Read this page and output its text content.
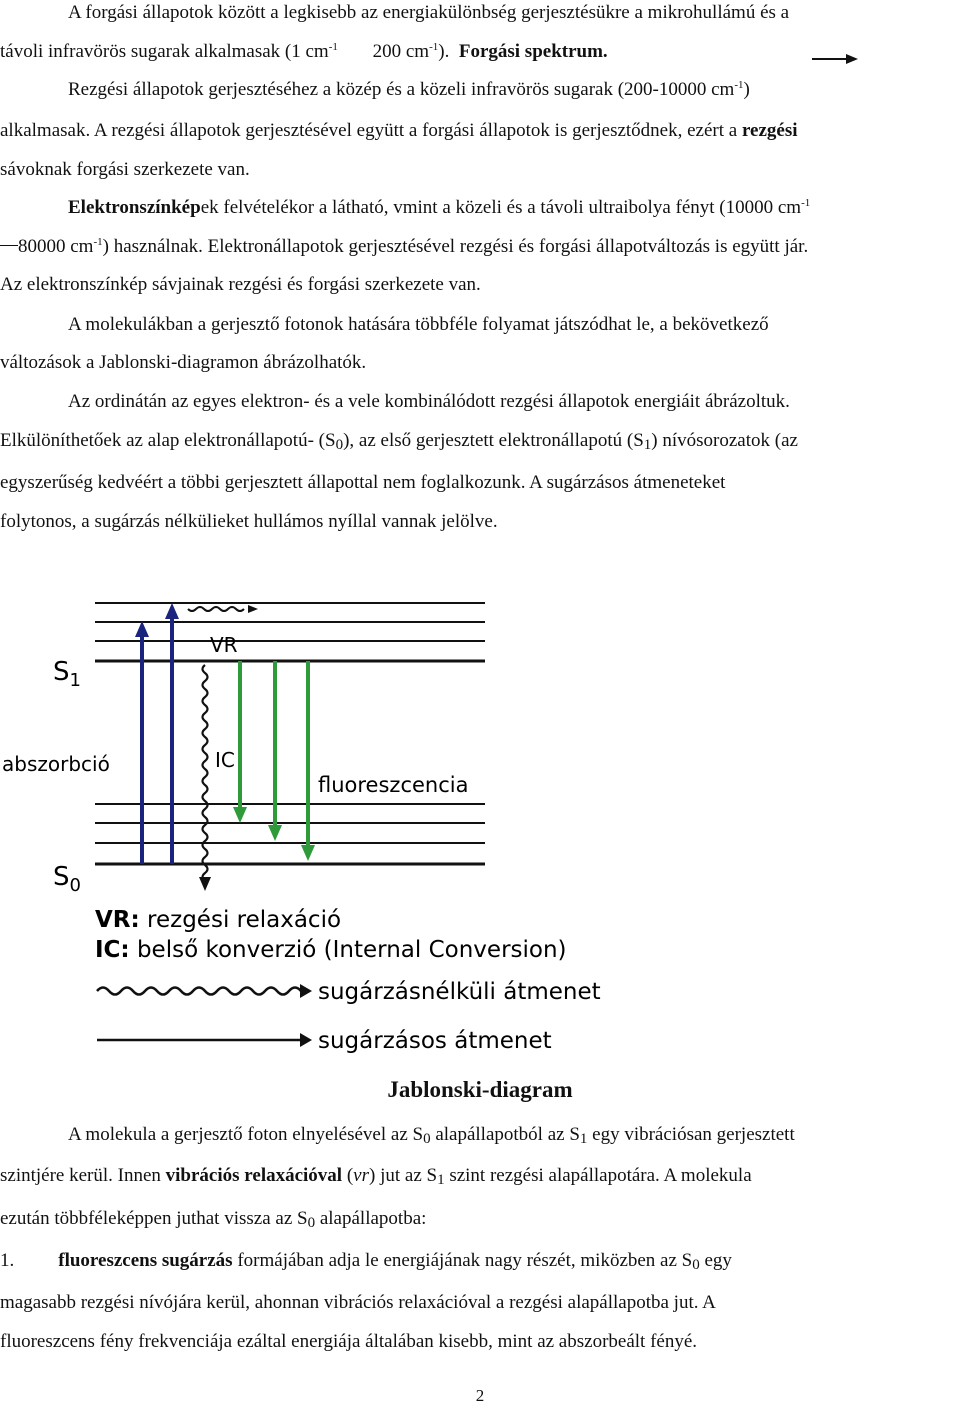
A forgási állapotok között a legkisebb az energiakülönbség gerjesztésükre a mikrohullámú és a
távoli infravörös sugarak alkalmasak (1 $cm^{-1}$ 200 $cm^{-1}$). Forgási spektrum.
Rezgési állapotok gerjesztéséhez a közép és a közeli infravörös sugarak (200-10000 $cm^{-1}$)
alkalmasak. A rezgési állapotok gerjesztésével együtt a forgási állapotok is gerjesztődnek, ezért a rezgési
sávoknak forgási szerkezete van.
Elektronszínképek felvételékor a látható, vmint a közeli és a távoli ultraibolya fényt (10000 $cm^{-1}$
80000 $cm^{-1}$) használnak. Elektronállapotok gerjesztésével rezgési és forgási állapotváltozás is együtt jár.
Az elektronszínkép sávjainak rezgési és forgási szerkezete van.
A molekulákban a gerjesztő fotonok hatására többféle folyamat játszódhat le, a bekövetkező
változások a Jablonski-diagramon ábrázolhatók.
Az ordinátán az egyes elektron- és a vele kombinálódott rezgési állapotok energiáit ábrázoltuk.
Elkülöníthetőek az alap elektronállapotú- (S0), az első gerjesztett elektronállapotú (S1) nívósorozatok (az
egyszerűség kedvéért a többi gerjesztett állapottal nem foglalkozunk. A sugárzásos átmeneteket
folytonos, a sugárzás nélkülieket hullámos nyíllal vannak jelölve.
$S_1$
$S_0$
VR
IC
abszorbció
fluoreszcencia
VR: rezgési relaxáció
IC: belső konverzió (Internal Conversion)
sugárzásnélküli átmenet
sugárzásos átmenet
Jablonski-diagram
A molekula a gerjesztő foton elnyelésével az S0 alapállapotból az S1 egy vibrációsan gerjesztett
szintjére kerül. Innen vibrációs relaxációval (vr) jut az S1 szint rezgési alapállapotára. A molekula
ezután többféleképpen juthat vissza az S0 alapállapotba:
1. fluoreszcens sugárzás formájában adja le energiájának nagy részét, miközben az S0 egy
magasabb rezgési nívójára kerül, ahonnan vibrációs relaxációval a rezgési alapállapotba jut. A
fluoreszcens fény frekvenciája ezáltal energiája általában kisebb, mint az abszorbeált fényé.
2
